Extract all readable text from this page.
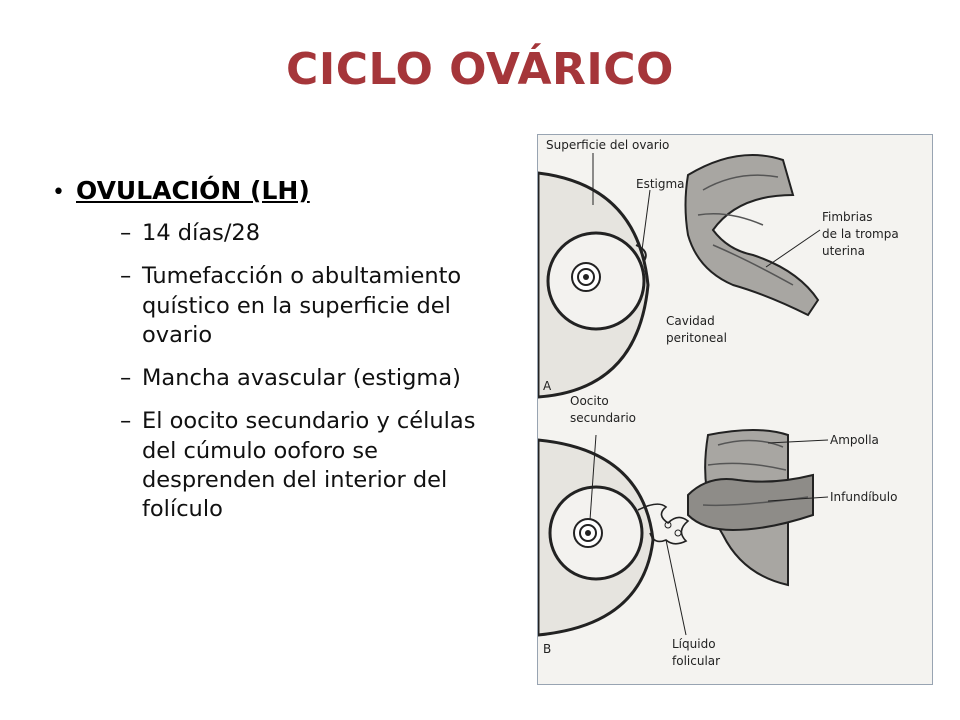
CICLO OVÁRICO
• OVULACIÓN (LH)
– 14 días/28
– Tumefacción o abultamiento quístico en la superficie del ovario
– Mancha avascular (estigma)
– El oocito secundario y células del cúmulo ooforo se desprenden del interior del folículo
Superficie del ovario
Estigma
Fimbrias
de la trompa
uterina
Cavidad
peritoneal
A
Oocito
secundario
Ampolla
Infundíbulo
B	Líquido
folicular
